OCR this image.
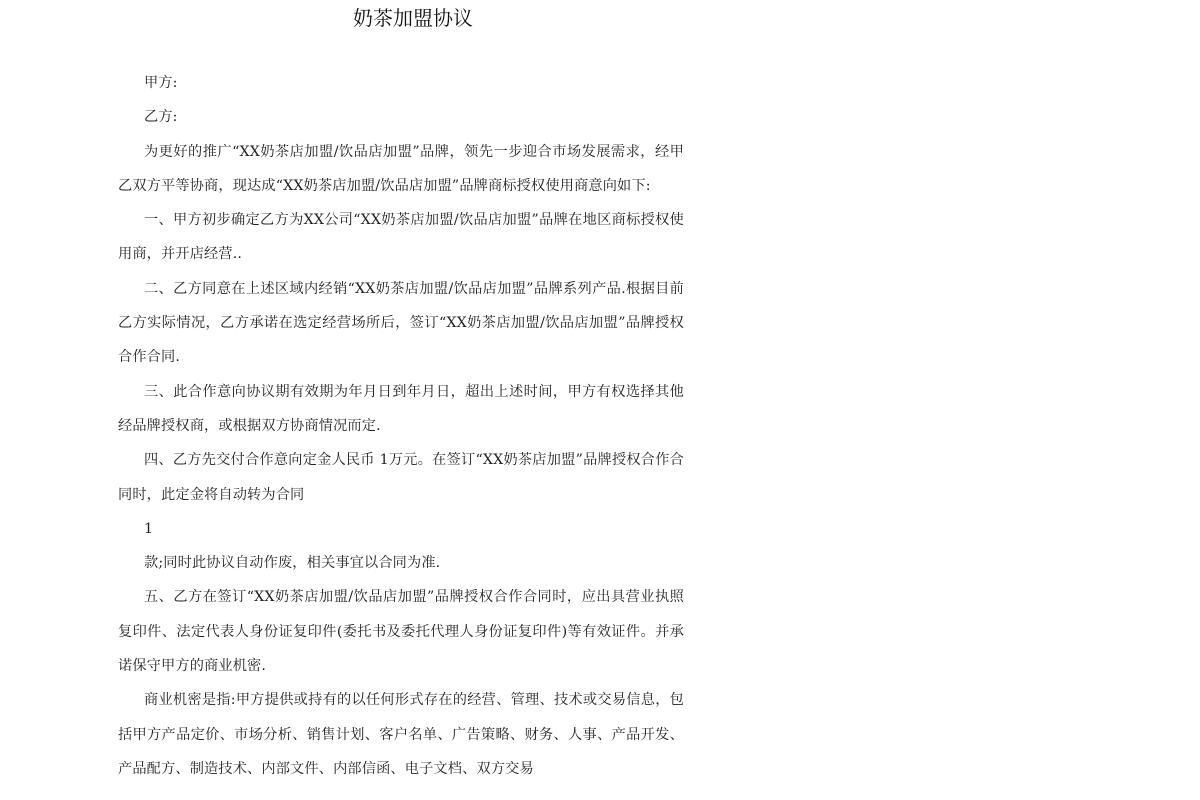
奶茶加盟协议

甲方:

乙方:

为更好的推广“XX奶茶店加盟/饮品店加盟”品牌，领先一步迎合市场发展需求，经甲乙双方平等协商，现达成“XX奶茶店加盟/饮品店加盟”品牌商标授权使用商意向如下:

一、甲方初步确定乙方为XX公司“XX奶茶店加盟/饮品店加盟”品牌在地区商标授权使用商，并开店经营..

二、乙方同意在上述区域内经销“XX奶茶店加盟/饮品店加盟”品牌系列产品.根据目前乙方实际情况，乙方承诺在选定经营场所后，签订“XX奶茶店加盟/饮品店加盟”品牌授权合作合同.

三、此合作意向协议期有效期为年月日到年月日，超出上述时间，甲方有权选择其他经品牌授权商，或根据双方协商情况而定.

四、乙方先交付合作意向定金人民币 1万元。在签订“XX奶茶店加盟”品牌授权合作合同时，此定金将自动转为合同

1

款;同时此协议自动作废，相关事宜以合同为准.

五、乙方在签订“XX奶茶店加盟/饮品店加盟”品牌授权合作合同时，应出具营业执照复印件、法定代表人身份证复印件(委托书及委托代理人身份证复印件)等有效证件。并承诺保守甲方的商业机密.

商业机密是指:甲方提供或持有的以任何形式存在的经营、管理、技术或交易信息，包括甲方产品定价、市场分析、销售计划、客户名单、广告策略、财务、人事、产品开发、产品配方、制造技术、内部文件、内部信函、电子文档、双方交易
